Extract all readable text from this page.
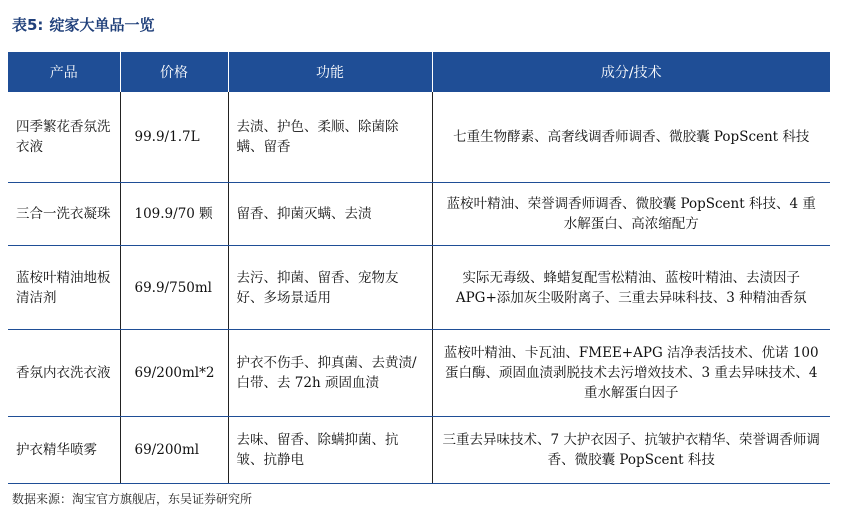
表5: 绽家大单品一览
产品	价格	功能	成分/技术
四季繁花香氛洗衣液	99.9/1.7L	去渍、护色、柔顺、除菌除螨、留香	七重生物酵素、高奢线调香师调香、微胶囊 PopScent 科技
三合一洗衣凝珠	109.9/70 颗	留香、抑菌灭螨、去渍	蓝桉叶精油、荣誉调香师调香、微胶囊 PopScent 科技、4 重水解蛋白、高浓缩配方
蓝桉叶精油地板清洁剂	69.9/750ml	去污、抑菌、留香、宠物友好、多场景适用	实际无毒级、蜂蜡复配雪松精油、蓝桉叶精油、去渍因子 APG+添加灰尘吸附离子、三重去异味科技、3 种精油香氛
香氛内衣洗衣液	69/200ml*2	护衣不伤手、抑真菌、去黄渍/白带、去 72h 顽固血渍	蓝桉叶精油、卡瓦油、FMEE+APG 洁净表活技术、优诺 100 蛋白酶、顽固血渍剥脱技术去污增效技术、3 重去异味技术、4 重水解蛋白因子
护衣精华喷雾	69/200ml	去味、留香、除螨抑菌、抗皱、抗静电	三重去异味技术、7 大护衣因子、抗皱护衣精华、荣誉调香师调香、微胶囊 PopScent 科技
数据来源：淘宝官方旗舰店，东吴证券研究所
